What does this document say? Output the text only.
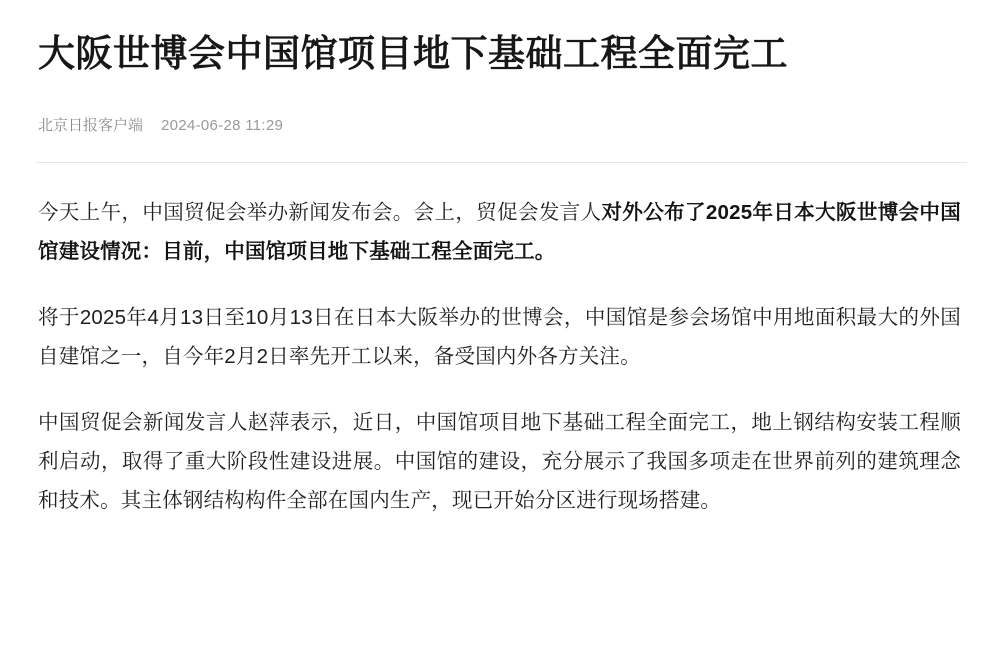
大阪世博会中国馆项目地下基础工程全面完工
北京日报客户端 2024-06-28 11:29

今天上午，中国贸促会举办新闻发布会。会上，贸促会发言人对外公布了2025年日本大阪世博会中国馆建设情况：目前，中国馆项目地下基础工程全面完工。

将于2025年4月13日至10月13日在日本大阪举办的世博会，中国馆是参会场馆中用地面积最大的外国自建馆之一，自今年2月2日率先开工以来，备受国内外各方关注。

中国贸促会新闻发言人赵萍表示，近日，中国馆项目地下基础工程全面完工，地上钢结构安装工程顺利启动，取得了重大阶段性建设进展。中国馆的建设，充分展示了我国多项走在世界前列的建筑理念和技术。其主体钢结构构件全部在国内生产，现已开始分区进行现场搭建。
